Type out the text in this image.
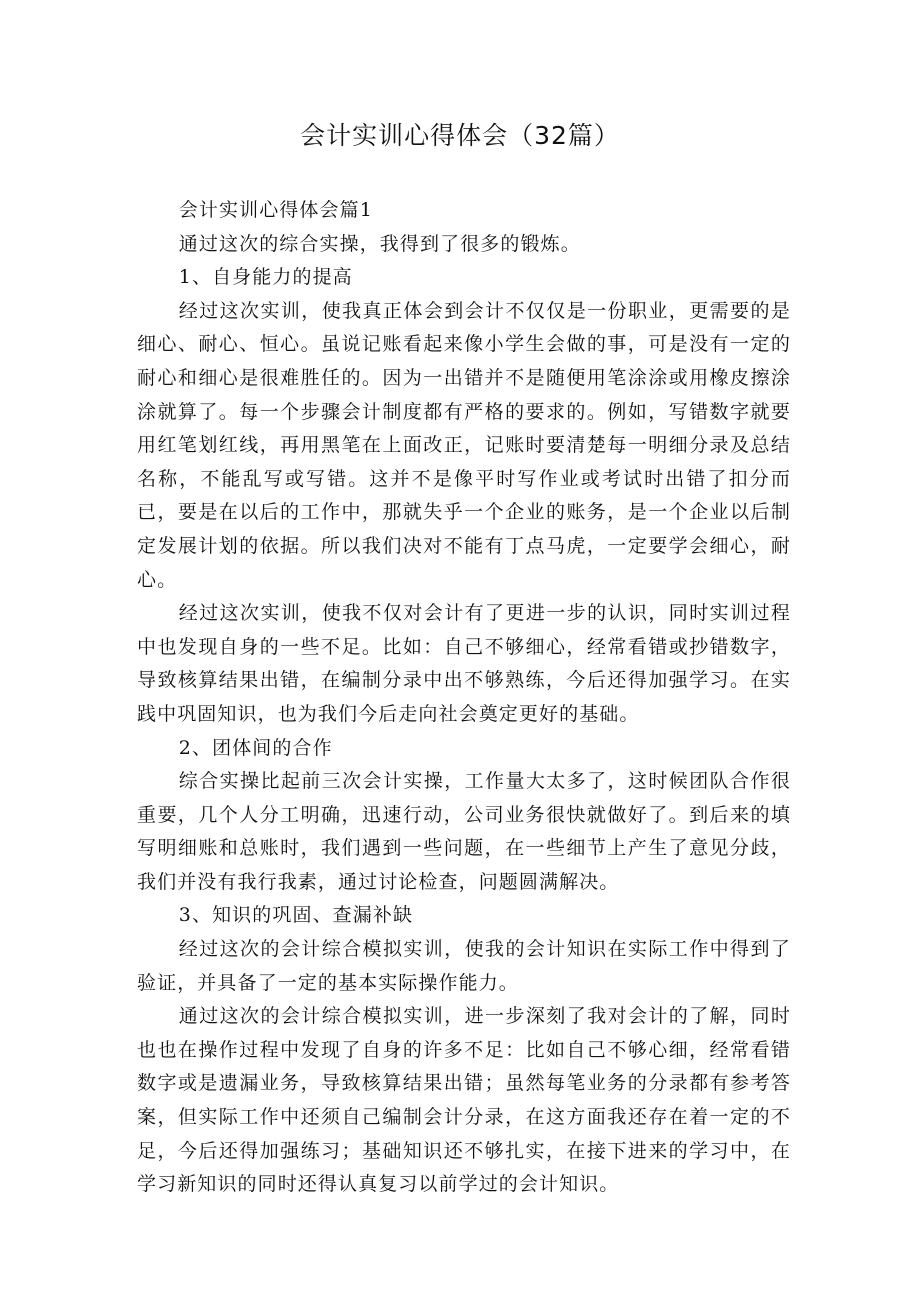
会计实训心得体会（32篇）

会计实训心得体会篇1

通过这次的综合实操，我得到了很多的锻炼。

1、自身能力的提高

经过这次实训，使我真正体会到会计不仅仅是一份职业，更需要的是细心、耐心、恒心。虽说记账看起来像小学生会做的事，可是没有一定的耐心和细心是很难胜任的。因为一出错并不是随便用笔涂涂或用橡皮擦涂涂就算了。每一个步骤会计制度都有严格的要求的。例如，写错数字就要用红笔划红线，再用黑笔在上面改正，记账时要清楚每一明细分录及总结名称，不能乱写或写错。这并不是像平时写作业或考试时出错了扣分而已，要是在以后的工作中，那就失乎一个企业的账务，是一个企业以后制定发展计划的依据。所以我们决对不能有丁点马虎，一定要学会细心，耐心。

经过这次实训，使我不仅对会计有了更进一步的认识，同时实训过程中也发现自身的一些不足。比如：自己不够细心，经常看错或抄错数字，导致核算结果出错，在编制分录中出不够熟练，今后还得加强学习。在实践中巩固知识，也为我们今后走向社会奠定更好的基础。

2、团体间的合作

综合实操比起前三次会计实操，工作量大太多了，这时候团队合作很重要，几个人分工明确，迅速行动，公司业务很快就做好了。到后来的填写明细账和总账时，我们遇到一些问题，在一些细节上产生了意见分歧，我们并没有我行我素，通过讨论检查，问题圆满解决。

3、知识的巩固、查漏补缺

经过这次的会计综合模拟实训，使我的会计知识在实际工作中得到了验证，并具备了一定的基本实际操作能力。

通过这次的会计综合模拟实训，进一步深刻了我对会计的了解，同时也也在操作过程中发现了自身的许多不足：比如自己不够心细，经常看错数字或是遗漏业务，导致核算结果出错；虽然每笔业务的分录都有参考答案，但实际工作中还须自己编制会计分录，在这方面我还存在着一定的不足，今后还得加强练习；基础知识还不够扎实，在接下进来的学习中，在学习新知识的同时还得认真复习以前学过的会计知识。
